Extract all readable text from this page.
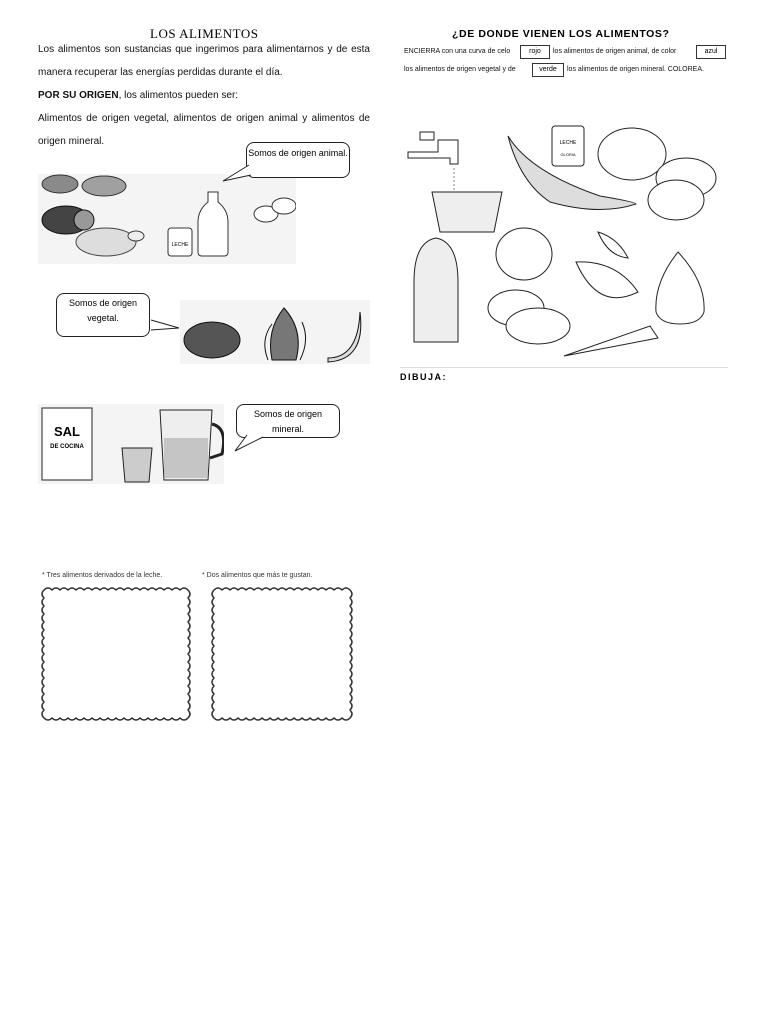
LOS ALIMENTOS
Los alimentos son sustancias que ingerimos para alimentarnos y de esta manera recuperar las energías perdidas durante el día.
POR SU ORIGEN, los alimentos pueden ser:
Alimentos de origen vegetal, alimentos de origen animal y alimentos de origen mineral.
LECHE
Somos de origen animal.
Somos de origen vegetal.
SAL
DE COCINA
Somos de origen mineral.
* Tres alimentos derivados de la leche.	* Dos alimentos que más te gustan.
¿DE DONDE VIENEN LOS ALIMENTOS?
ENCIERRA con una curva de celo	rojo	los alimentos de origen animal, de color	azul
los alimentos de origen vegetal y de	verde	los alimentos de origen mineral. COLOREA.
LECHE
GLORIA
DIBUJA:
